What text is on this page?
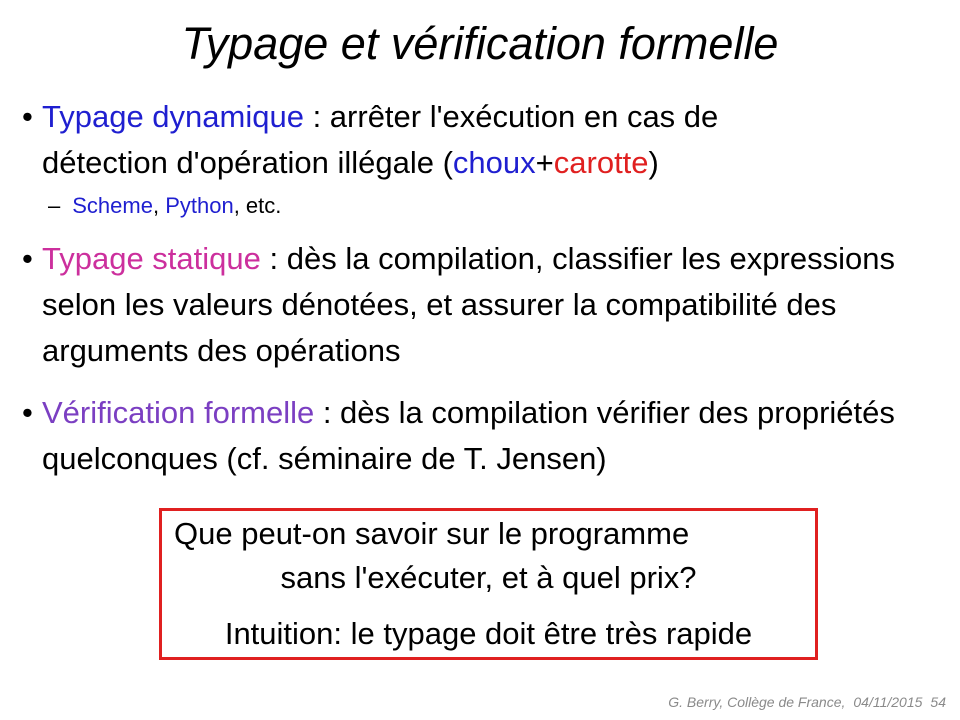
Typage et vérification formelle
• Typage dynamique : arrêter l'exécution en cas de
détection d'opération illégale (choux+carotte)
– Scheme, Python, etc.
• Typage statique : dès la compilation, classifier les expressions selon les valeurs dénotées, et assurer la compatibilité des arguments des opérations
• Vérification formelle : dès la compilation vérifier des propriétés quelconques (cf. séminaire de T. Jensen)
Que peut-on savoir sur le programme
sans l'exécuter, et à quel prix?
Intuition: le typage doit être très rapide
G. Berry, Collège de France, 04/11/2015 54
